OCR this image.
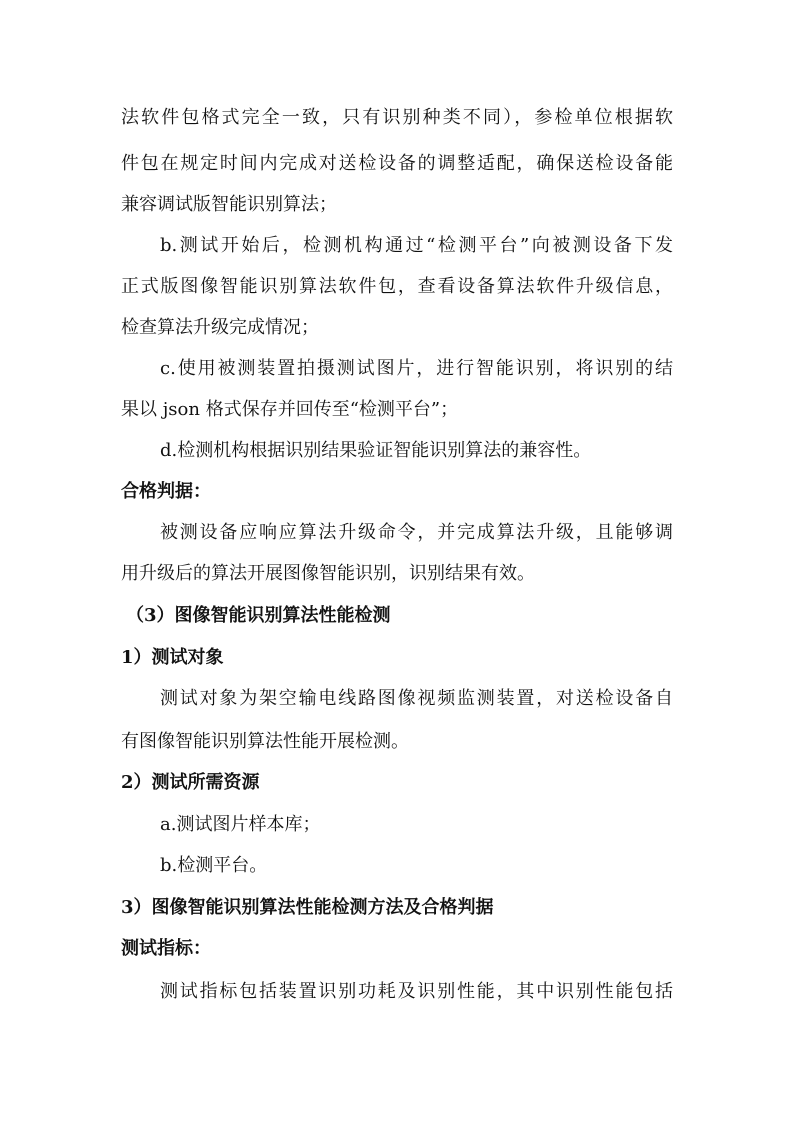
法软件包格式完全一致，只有识别种类不同），参检单位根据软
件包在规定时间内完成对送检设备的调整适配，确保送检设备能
兼容调试版智能识别算法；
b.测试开始后，检测机构通过“检测平台”向被测设备下发
正式版图像智能识别算法软件包，查看设备算法软件升级信息，
检查算法升级完成情况；
c.使用被测装置拍摄测试图片，进行智能识别，将识别的结
果以 json 格式保存并回传至“检测平台”；
d.检测机构根据识别结果验证智能识别算法的兼容性。
合格判据：
被测设备应响应算法升级命令，并完成算法升级，且能够调
用升级后的算法开展图像智能识别，识别结果有效。
（3）图像智能识别算法性能检测
1）测试对象
测试对象为架空输电线路图像视频监测装置，对送检设备自
有图像智能识别算法性能开展检测。
2）测试所需资源
a.测试图片样本库；
b.检测平台。
3）图像智能识别算法性能检测方法及合格判据
测试指标：
测试指标包括装置识别功耗及识别性能，其中识别性能包括
